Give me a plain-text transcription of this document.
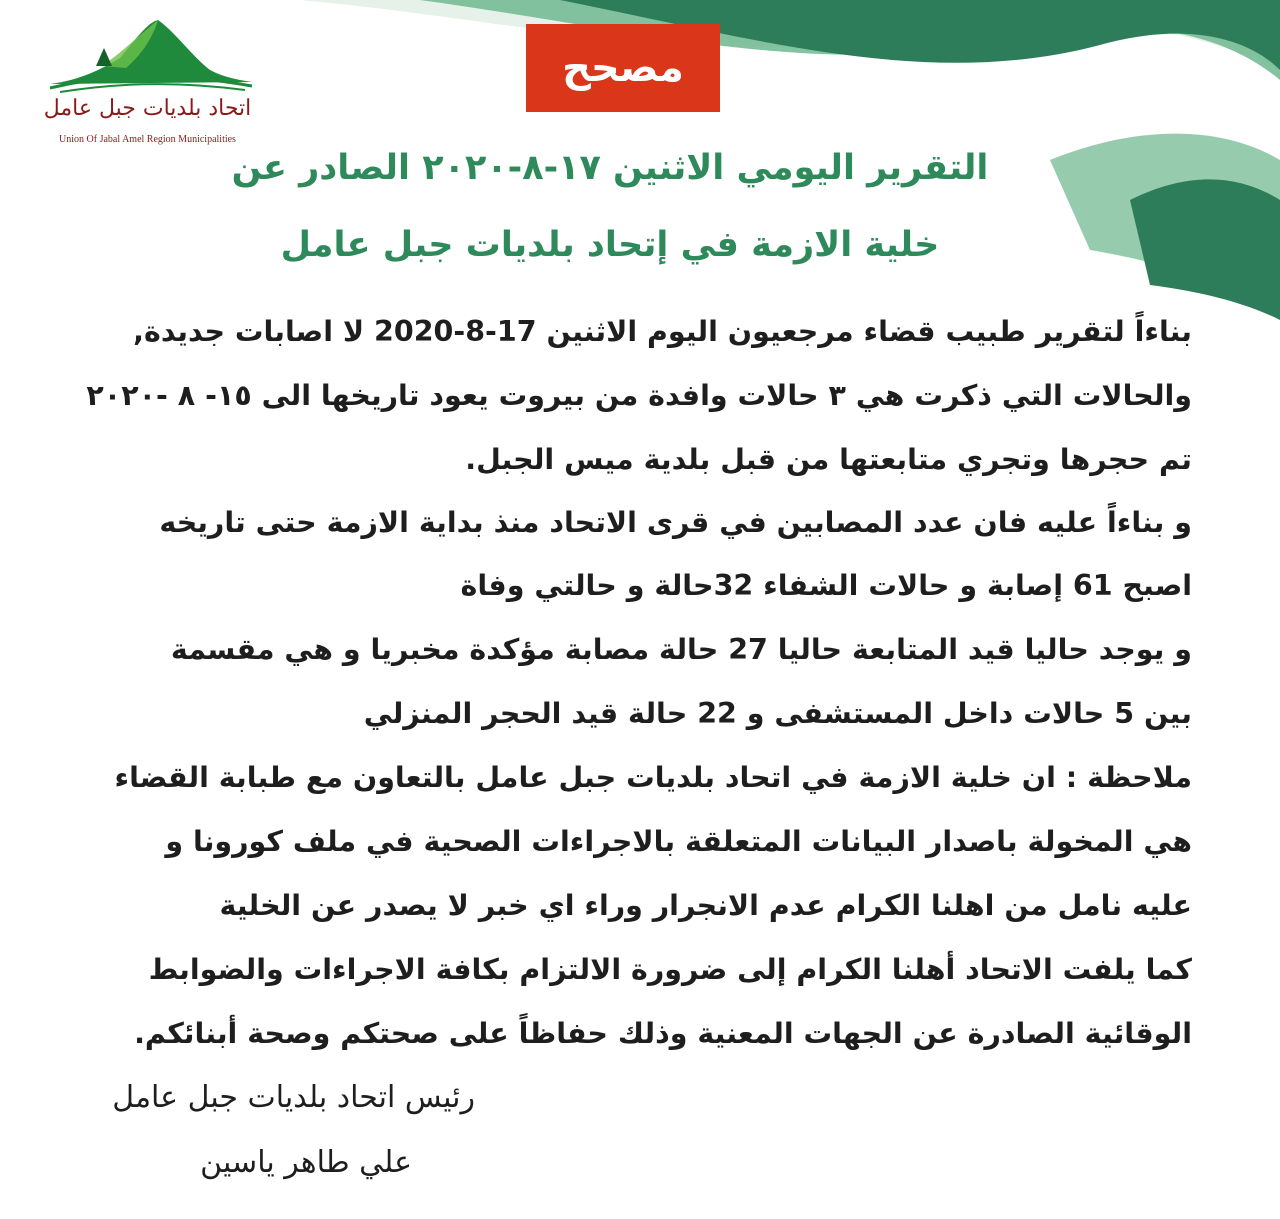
اتحاد بلديات جبل عامل
Union Of Jabal Amel Region Municipalities
مصحح
التقرير اليومي الاثنين ١٧-٨-٢٠٢٠ الصادر عن
خلية الازمة في إتحاد بلديات جبل عامل
بناءاً لتقرير طبيب قضاء مرجعيون اليوم الاثنين 17-8-2020 لا اصابات جديدة,
والحالات التي ذكرت هي ٣ حالات وافدة من بيروت يعود تاريخها الى ١٥- ٨ -٢٠٢٠
تم حجرها وتجري متابعتها من قبل بلدية ميس الجبل.
و بناءاً عليه فان عدد المصابين في قرى الاتحاد منذ بداية الازمة حتى تاريخه
اصبح 61 إصابة و حالات الشفاء 32حالة و حالتي وفاة
و يوجد حاليا قيد المتابعة حاليا 27 حالة مصابة مؤكدة مخبريا و هي مقسمة
بين 5 حالات داخل المستشفى و 22 حالة قيد الحجر المنزلي
ملاحظة : ان خلية الازمة في اتحاد بلديات جبل عامل بالتعاون مع طبابة القضاء
هي المخولة باصدار البيانات المتعلقة بالاجراءات الصحية في ملف كورونا و
عليه نامل من اهلنا الكرام عدم الانجرار وراء اي خبر لا يصدر عن الخلية
كما يلفت الاتحاد أهلنا الكرام إلى ضرورة الالتزام بكافة الاجراءات والضوابط
الوقائية الصادرة عن الجهات المعنية وذلك حفاظاً على صحتكم وصحة أبنائكم.
رئيس اتحاد بلديات جبل عامل
علي طاهر ياسين
